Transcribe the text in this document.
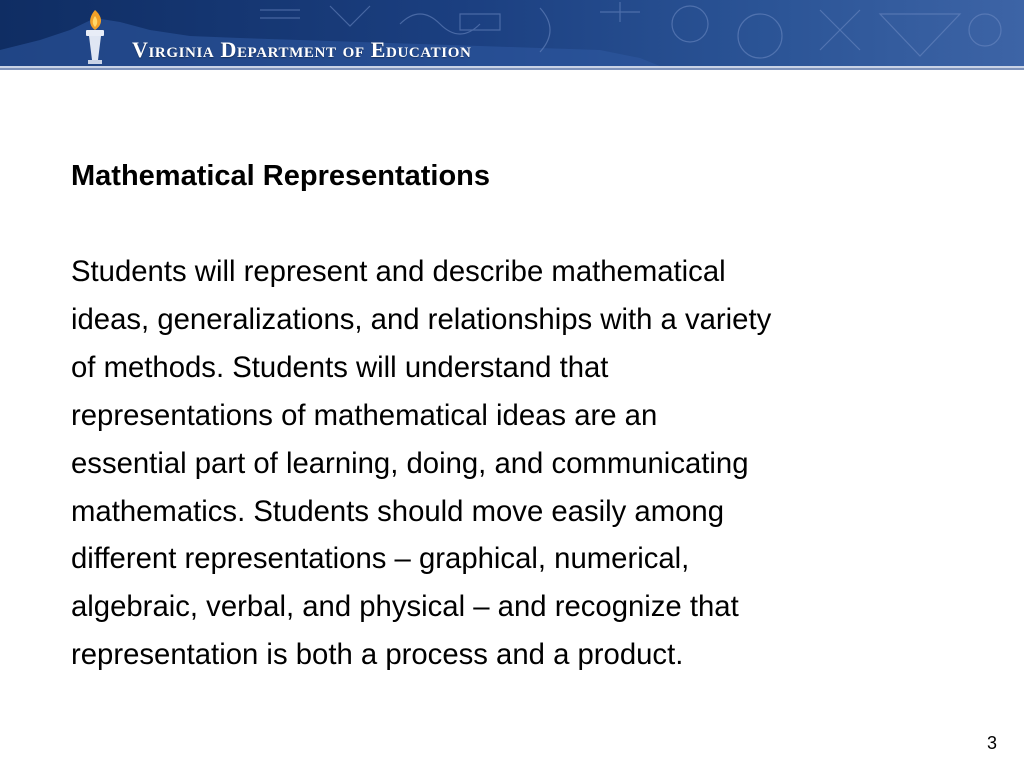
Virginia Department of Education
Mathematical Representations
Students will represent and describe mathematical
ideas, generalizations, and relationships with a variety
of methods. Students will understand that
representations of mathematical ideas are an
essential part of learning, doing, and communicating
mathematics. Students should move easily among
different representations – graphical, numerical,
algebraic, verbal, and physical – and recognize that
representation is both a process and a product.
3
